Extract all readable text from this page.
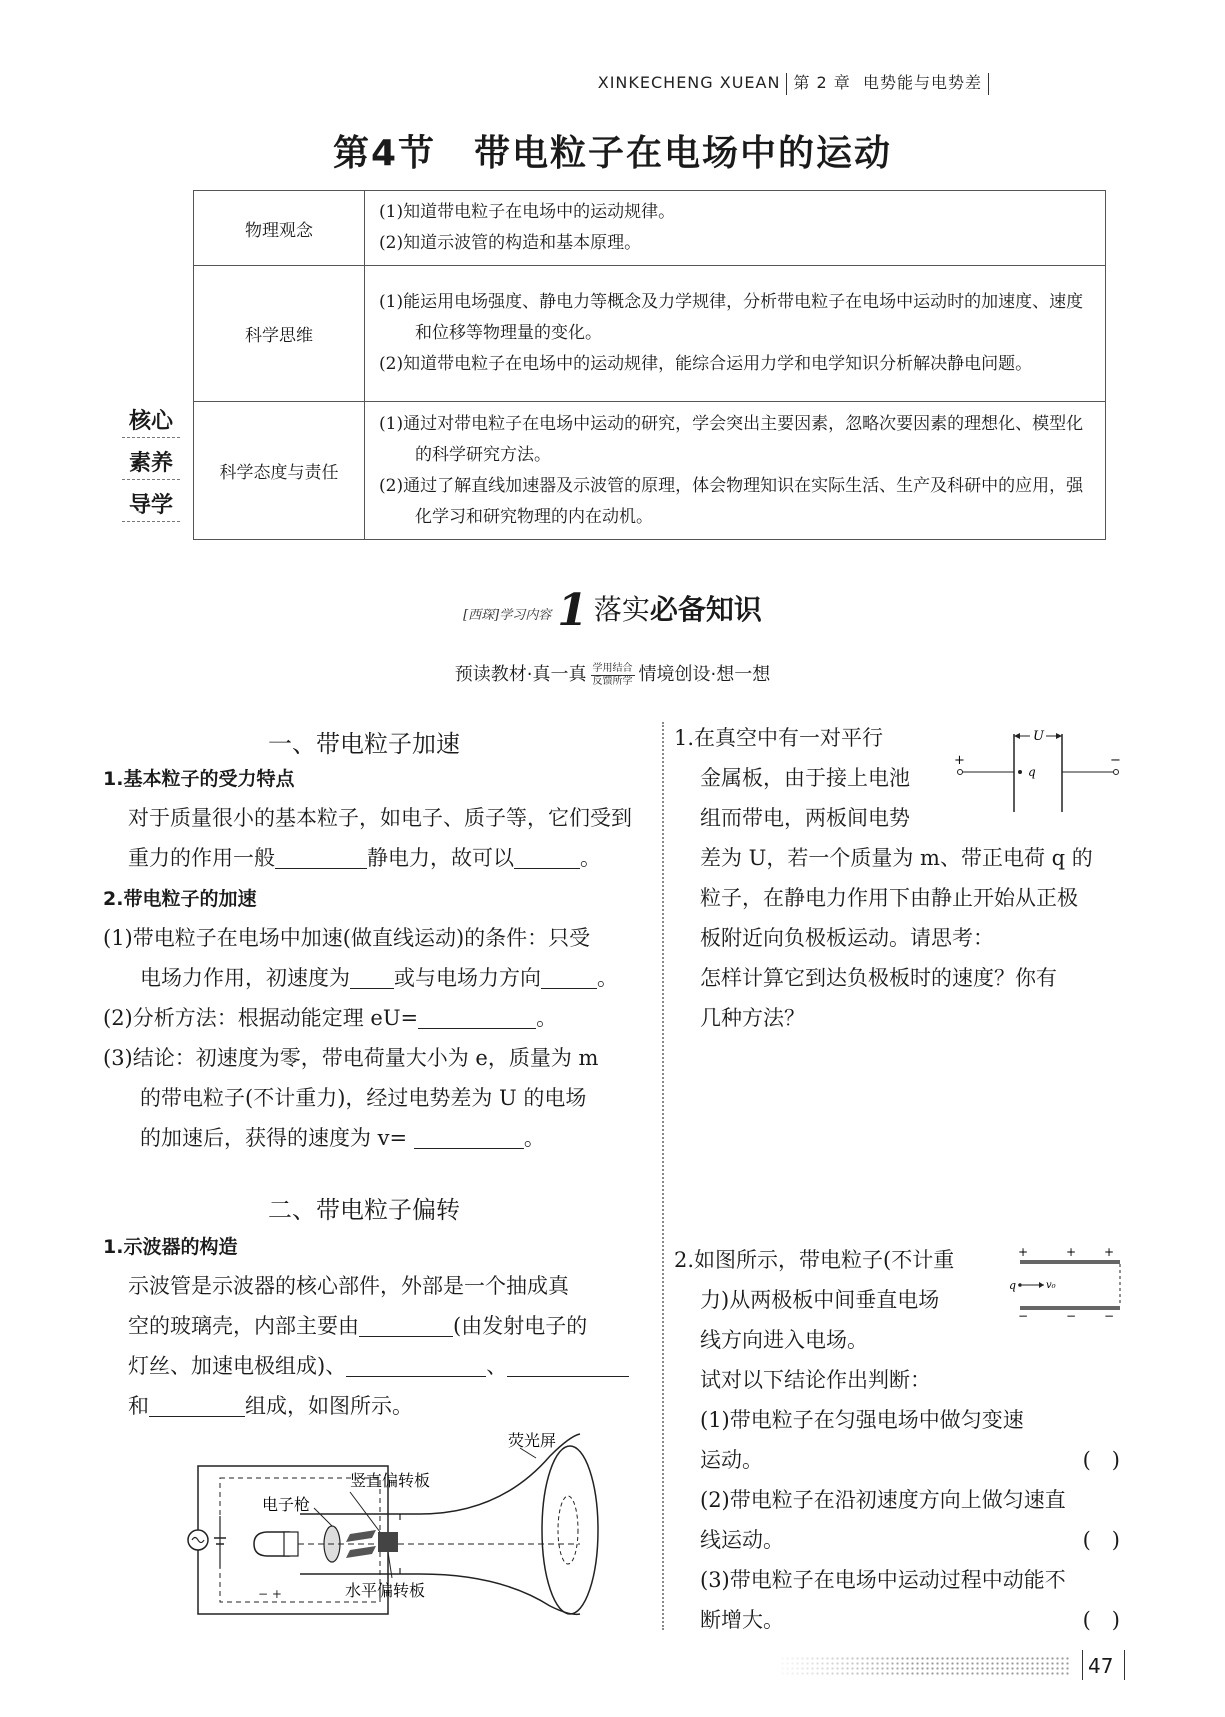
XINKECHENG XUEAN 第 2 章 电势能与电势差
第4节　带电粒子在电场中的运动
核心
素养
导学
物理观念	(1)知道带电粒子在电场中的运动规律。
(2)知道示波管的构造和基本原理。

科学思维	(1)能运用电场强度、静电力等概念及力学规律，分析带电粒子在电场中运动时的加速度、速度和位移等物理量的变化。
(2)知道带电粒子在电场中的运动规律，能综合运用力学和电学知识分析解决静电问题。

科学态度与责任	(1)通过对带电粒子在电场中运动的研究，学会突出主要因素，忽略次要因素的理想化、模型化的科学研究方法。
(2)通过了解直线加速器及示波管的原理，体会物理知识在实际生活、生产及科研中的应用，强化学习和研究物理的内在动机。
[西琛]学习内容 1 落实必备知识
预读教材·真一真 $\frac{\text{学用结合}}{\text{反馈所学}}$ 情境创设·想一想
一、带电粒子加速
1.基本粒子的受力特点
对于质量很小的基本粒子，如电子、质子等，它们受到
重力的作用一般	静电力，故可以	。
2.带电粒子的加速
(1)带电粒子在电场中加速(做直线运动)的条件：只受
电场力作用，初速度为 或与电场力方向	。
(2)分析方法：根据动能定理 eU=	。
(3)结论：初速度为零，带电荷量大小为 e，质量为 m
的带电粒子(不计重力)，经过电势差为 U 的电场
的加速后，获得的速度为 v=	。
二、带电粒子偏转
1.示波器的构造
示波管是示波器的核心部件，外部是一个抽成真
空的玻璃壳，内部主要由	(由发射电子的
灯丝、加速电极组成)、	、
和	组成，如图所示。
− +
竖直偏转板
电子枪
水平偏转板
荧光屏
1.在真空中有一对平行
金属板，由于接上电池
组而带电，两板间电势
差为 U，若一个质量为 m、带正电荷 q 的
粒子，在静电力作用下由静止开始从正极
板附近向负极板运动。请思考：
怎样计算它到达负极板时的速度？你有
几种方法？
U
+	−
q
2.如图所示，带电粒子(不计重
力)从两极板中间垂直电场
线方向进入电场。
试对以下结论作出判断：
(1)带电粒子在匀强电场中做匀变速
运动。	(　)
(2)带电粒子在沿初速度方向上做匀速直
线运动。	(　)
(3)带电粒子在电场中运动过程中动能不
断增大。	(　)
+	+ +
q	v₀
−	− −
47
